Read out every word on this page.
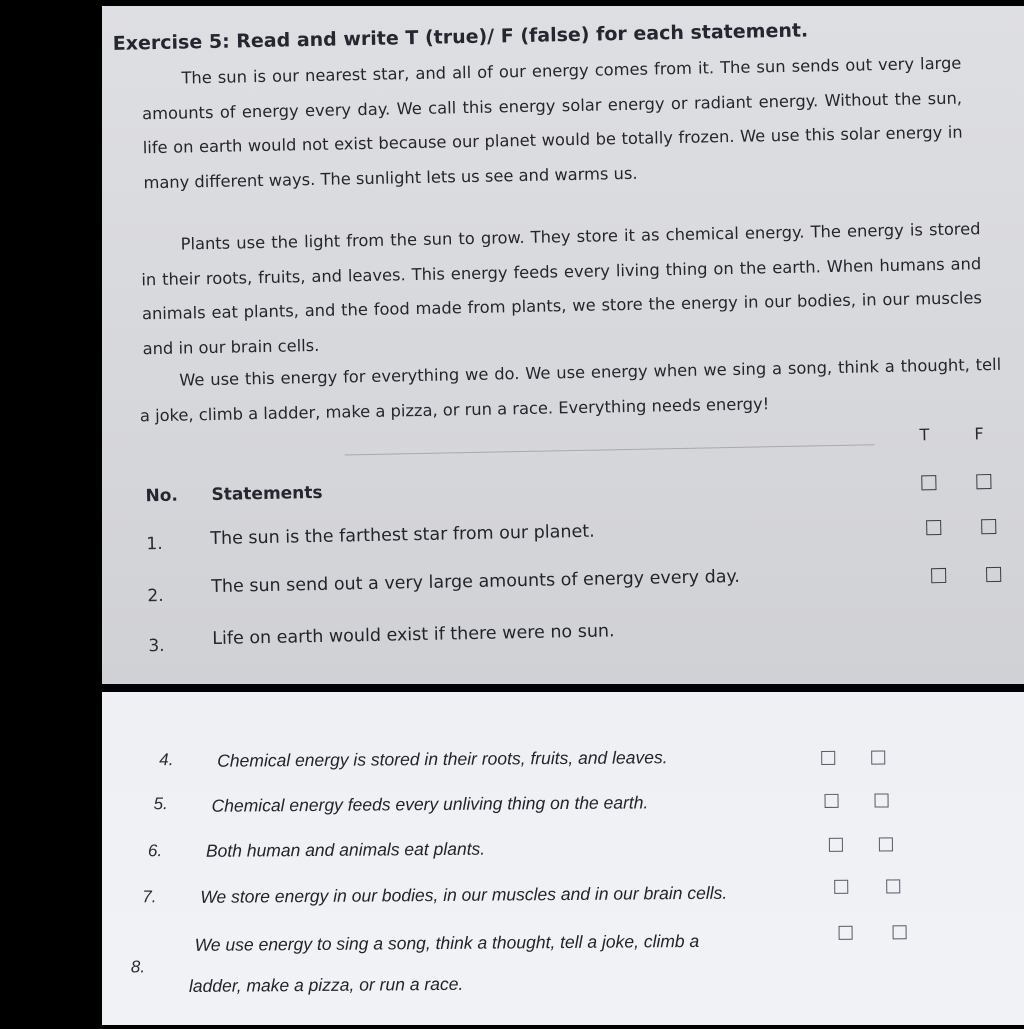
Exercise 5: Read and write T (true)/ F (false) for each statement.

The sun is our nearest star, and all of our energy comes from it. The sun sends out very large amounts of energy every day. We call this energy solar energy or radiant energy. Without the sun, life on earth would not exist because our planet would be totally frozen. We use this solar energy in many different ways. The sunlight lets us see and warms us.

Plants use the light from the sun to grow. They store it as chemical energy. The energy is stored in their roots, fruits, and leaves. This energy feeds every living thing on the earth. When humans and animals eat plants, and the food made from plants, we store the energy in our bodies, in our muscles and in our brain cells.

We use this energy for everything we do. We use energy when we sing a song, think a thought, tell a joke, climb a ladder, make a pizza, or run a race. Everything needs energy!

T	F
No. Statements
1.	The sun is the farthest star from our planet.
2.	The sun send out a very large amounts of energy every day.
3.	Life on earth would exist if there were no sun.
4. Chemical energy is stored in their roots, fruits, and leaves.
5. Chemical energy feeds every unliving thing on the earth.
6. Both human and animals eat plants.
7. We store energy in our bodies, in our muscles and in our brain cells.
8.
We use energy to sing a song, think a thought, tell a joke, climb a
ladder, make a pizza, or run a race.
